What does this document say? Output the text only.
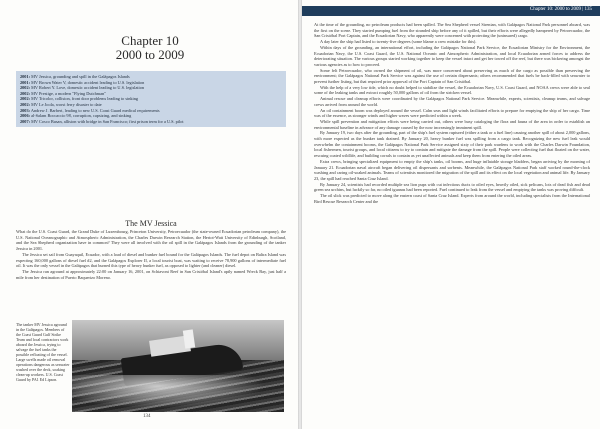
Chapter 10
2000 to 2009
2001: MV Jessica, grounding and spill in the Galápagos Islands
2001: MV Brown Water V, domestic accident leading to U.S. legislation
2002: MV Robert Y. Love, domestic accident leading to U.S. legislation
2002: MV Prestige, a modern "Flying Dutchman"
2002: MV Tricolor, collision, front door problems leading to sinking
2002: MV Le Joola, worst ferry disaster to date
2003: Andrew J. Barberi, leading to new U.S. Coast Guard medical requirements
2006: al-Salam Boccaccio 98, corruption, capsizing, and sinking
2007: MV Cosco Busan, allision with bridge in San Francisco; first prison term for a U.S. pilot
The MV Jessica

What do the U.S. Coast Guard, the Grand Duke of Luxembourg, Princeton University, Petroecuador (the state-owned Ecuadorian petroleum company), the U.S. National Oceanographic and Atmospheric Administration, the Charles Darwin Research Station, the Heriot-Watt University of Edinburgh, Scotland, and the Sea Shepherd organization have in common? They were all involved with the oil spill in the Galápagos Islands from the grounding of the tanker Jessica in 2001.

The Jessica set sail from Guayaquil, Ecuador, with a load of diesel and bunker fuel bound for the Galápagos Islands. The fuel depot on Baltra Island was expecting 160,000 gallons of diesel fuel #2, and the Galápagos Explorer II, a local tourist boat, was waiting to receive 78,900 gallons of intermediate fuel oil. It was the only vessel in the Galápagos that burned this type of heavy bunker fuel, as opposed to lighter (and cleaner) diesel.

The Jessica ran aground at approximately 22:00 on January 16, 2001, on Schiavoni Reef in San Cristóbal Island's aptly named Wreck Bay, just half a mile from her destination of Puerto Baquerizo Moreno.

The tanker MV Jessica aground in the Galápagos. Members of the Coast Guard Gulf Strike Team and local contractors work aboard the Jessica, trying to salvage the fuel tanks the possible refloating of the vessel. Large swells made oil removal operations dangerous as seawater washed over the deck, soaking clean-up workers. U.S. Coast Guard by PA1 Ed Lipson.
134
Chapter 10: 2000 to 2009 | 135

At the time of the grounding, no petroleum products had been spilled. The Sea Shepherd vessel Sirenian, with Galápagos National Park personnel aboard, was the first on the scene. They started pumping fuel from the stranded ship before any of it spilled, but their efforts were allegedly hampered by Petroecuador, the San Cristóbal Port Captain, and the Ecuadorian Navy, who apparently were concerned with protecting the (uninsured) cargo.

A day later the ship had listed to twenty-five degrees (some blame a crew mistake for this).

Within days of the grounding, an international effort, including the Galápagos National Park Service, the Ecuadorian Ministry for the Environment, the Ecuadorian Navy, the U.S. Coast Guard, the U.S. National Oceanic and Atmospheric Administration, and local Ecuadorian armed forces to address the deteriorating situation. The various groups started working together to keep the vessel intact and get her towed off the reef, but there was bickering amongst the various agencies as to how to proceed.

Some felt Petroecuador, who owned the shipment of oil, was more concerned about preserving as much of the cargo as possible than preserving the environment; the Galápagos National Park Service was against the use of certain dispersants; others recommended that fuels be back-filled with seawater to prevent further listing, but that required prior approval of the Port Captain of San Cristóbal.

With the help of a very low tide, which no doubt helped to stabilize the vessel, the Ecuadorian Navy, U.S. Coast Guard, and NOAA crews were able to seal some of the leaking tanks and extract roughly 50,000 gallons of oil from the stricken vessel.

Animal rescue and cleanup efforts were coordinated by the Galápagos National Park Service. Meanwhile, experts, scientists, cleanup teams, and salvage crews arrived from around the world.

An oil containment boom was deployed around the vessel. Calm seas and light winds facilitated efforts to prepare for emptying the ship of her cargo. Time was of the essence, as stronger winds and higher waves were predicted within a week.

While spill prevention and mitigation efforts were being carried out, others were busy cataloging the flora and fauna of the area in order to establish an environmental baseline in advance of any damage caused by the now increasingly imminent spill.

By January 19, two days after the grounding, part of the ship's fuel system ruptured (either a tank or a fuel line) causing another spill of about 2,000 gallons, with more expected as the bunker tank drained. By January 20, heavy bunker fuel was spilling from a cargo tank. Recognizing the new fuel leak would overwhelm the containment booms, the Galápagos National Park Service assigned sixty of their park wardens to work with the Charles Darwin Foundation, local fishermen, tourist groups, and local citizens to try to contain and mitigate the damage from the spill. People were collecting fuel that floated on the water, rescuing coated wildlife, and building corrals to contain as yet unaffected animals and keep them from entering the oiled areas.

Extra crews, bringing specialized equipment to empty the ship's tanks, oil booms, and huge inflatable storage bladders, began arriving by the morning of January 21. Ecuadorian naval aircraft began delivering oil dispersants and sorbents. Meanwhile, the Galápagos National Park staff worked round-the-clock washing and caring oil-soaked animals. Teams of scientists monitored the migration of the spill and its effect on the local vegetation and animal life. By January 23, the spill had reached Santa Cruz Island.

By January 24, scientists had recorded multiple sea lion pups with cut infectious ducts to oiled eyes, heavily oiled, sick pelicans, lots of dead fish and dead green sea urchins, but luckily so far, no oiled iguanas had been reported. Fuel continued to leak from the vessel and emptying the tanks was proving difficult.

The oil slick was predicted to move along the eastern coast of Santa Cruz Island. Experts from around the world, including specialists from the International Bird Rescue Research Center and the
